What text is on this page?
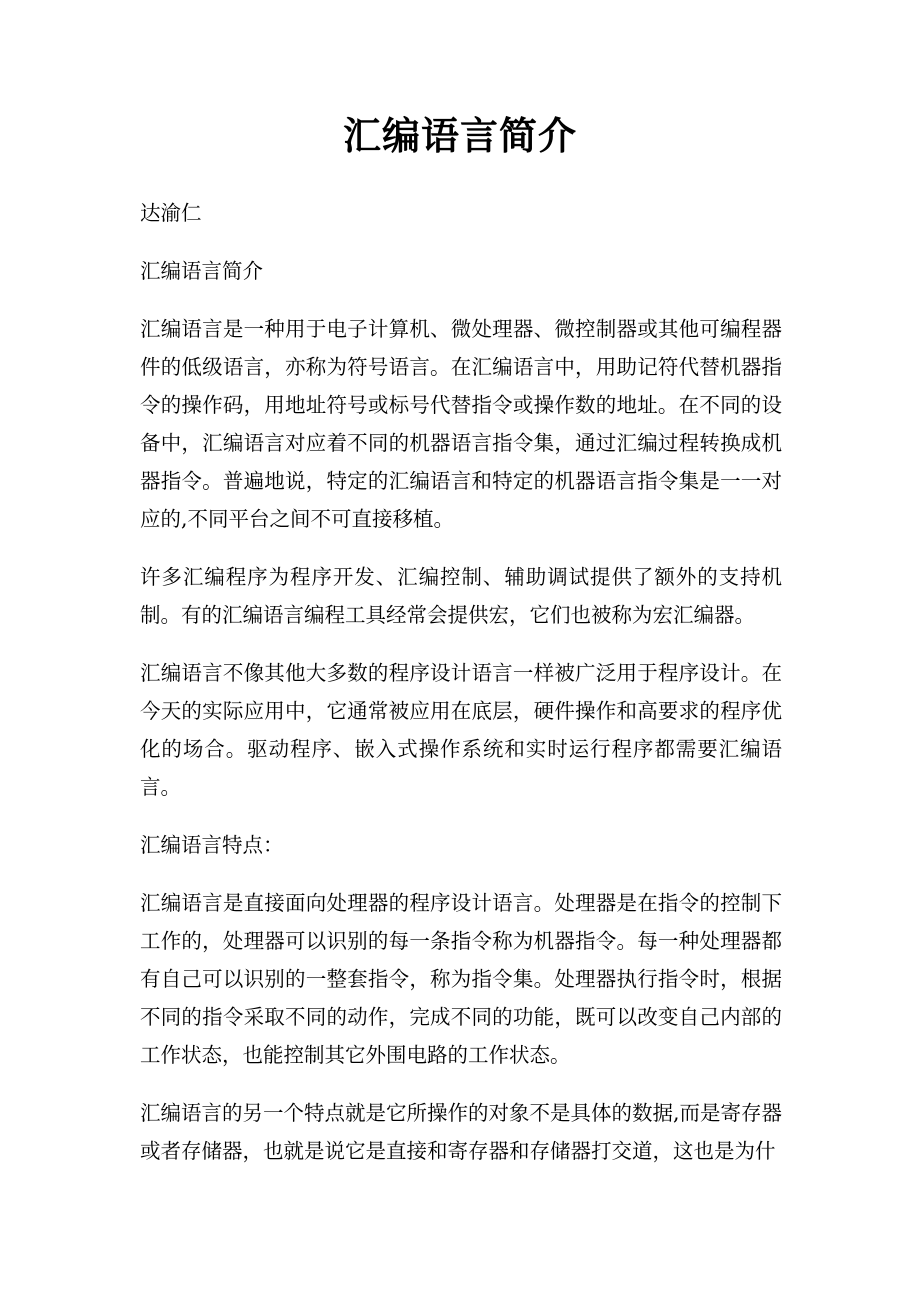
汇编语言简介

达渝仁

汇编语言简介

汇编语言是一种用于电子计算机、微处理器、微控制器或其他可编程器件的低级语言，亦称为符号语言。在汇编语言中，用助记符代替机器指令的操作码，用地址符号或标号代替指令或操作数的地址。在不同的设备中，汇编语言对应着不同的机器语言指令集，通过汇编过程转换成机器指令。普遍地说，特定的汇编语言和特定的机器语言指令集是一一对应的,不同平台之间不可直接移植。

许多汇编程序为程序开发、汇编控制、辅助调试提供了额外的支持机制。有的汇编语言编程工具经常会提供宏，它们也被称为宏汇编器。

汇编语言不像其他大多数的程序设计语言一样被广泛用于程序设计。在今天的实际应用中，它通常被应用在底层，硬件操作和高要求的程序优化的场合。驱动程序、嵌入式操作系统和实时运行程序都需要汇编语言。

汇编语言特点：

汇编语言是直接面向处理器的程序设计语言。处理器是在指令的控制下工作的，处理器可以识别的每一条指令称为机器指令。每一种处理器都有自己可以识别的一整套指令，称为指令集。处理器执行指令时，根据不同的指令采取不同的动作，完成不同的功能，既可以改变自己内部的工作状态，也能控制其它外围电路的工作状态。

汇编语言的另一个特点就是它所操作的对象不是具体的数据,而是寄存器或者存储器，也就是说它是直接和寄存器和存储器打交道，这也是为什
